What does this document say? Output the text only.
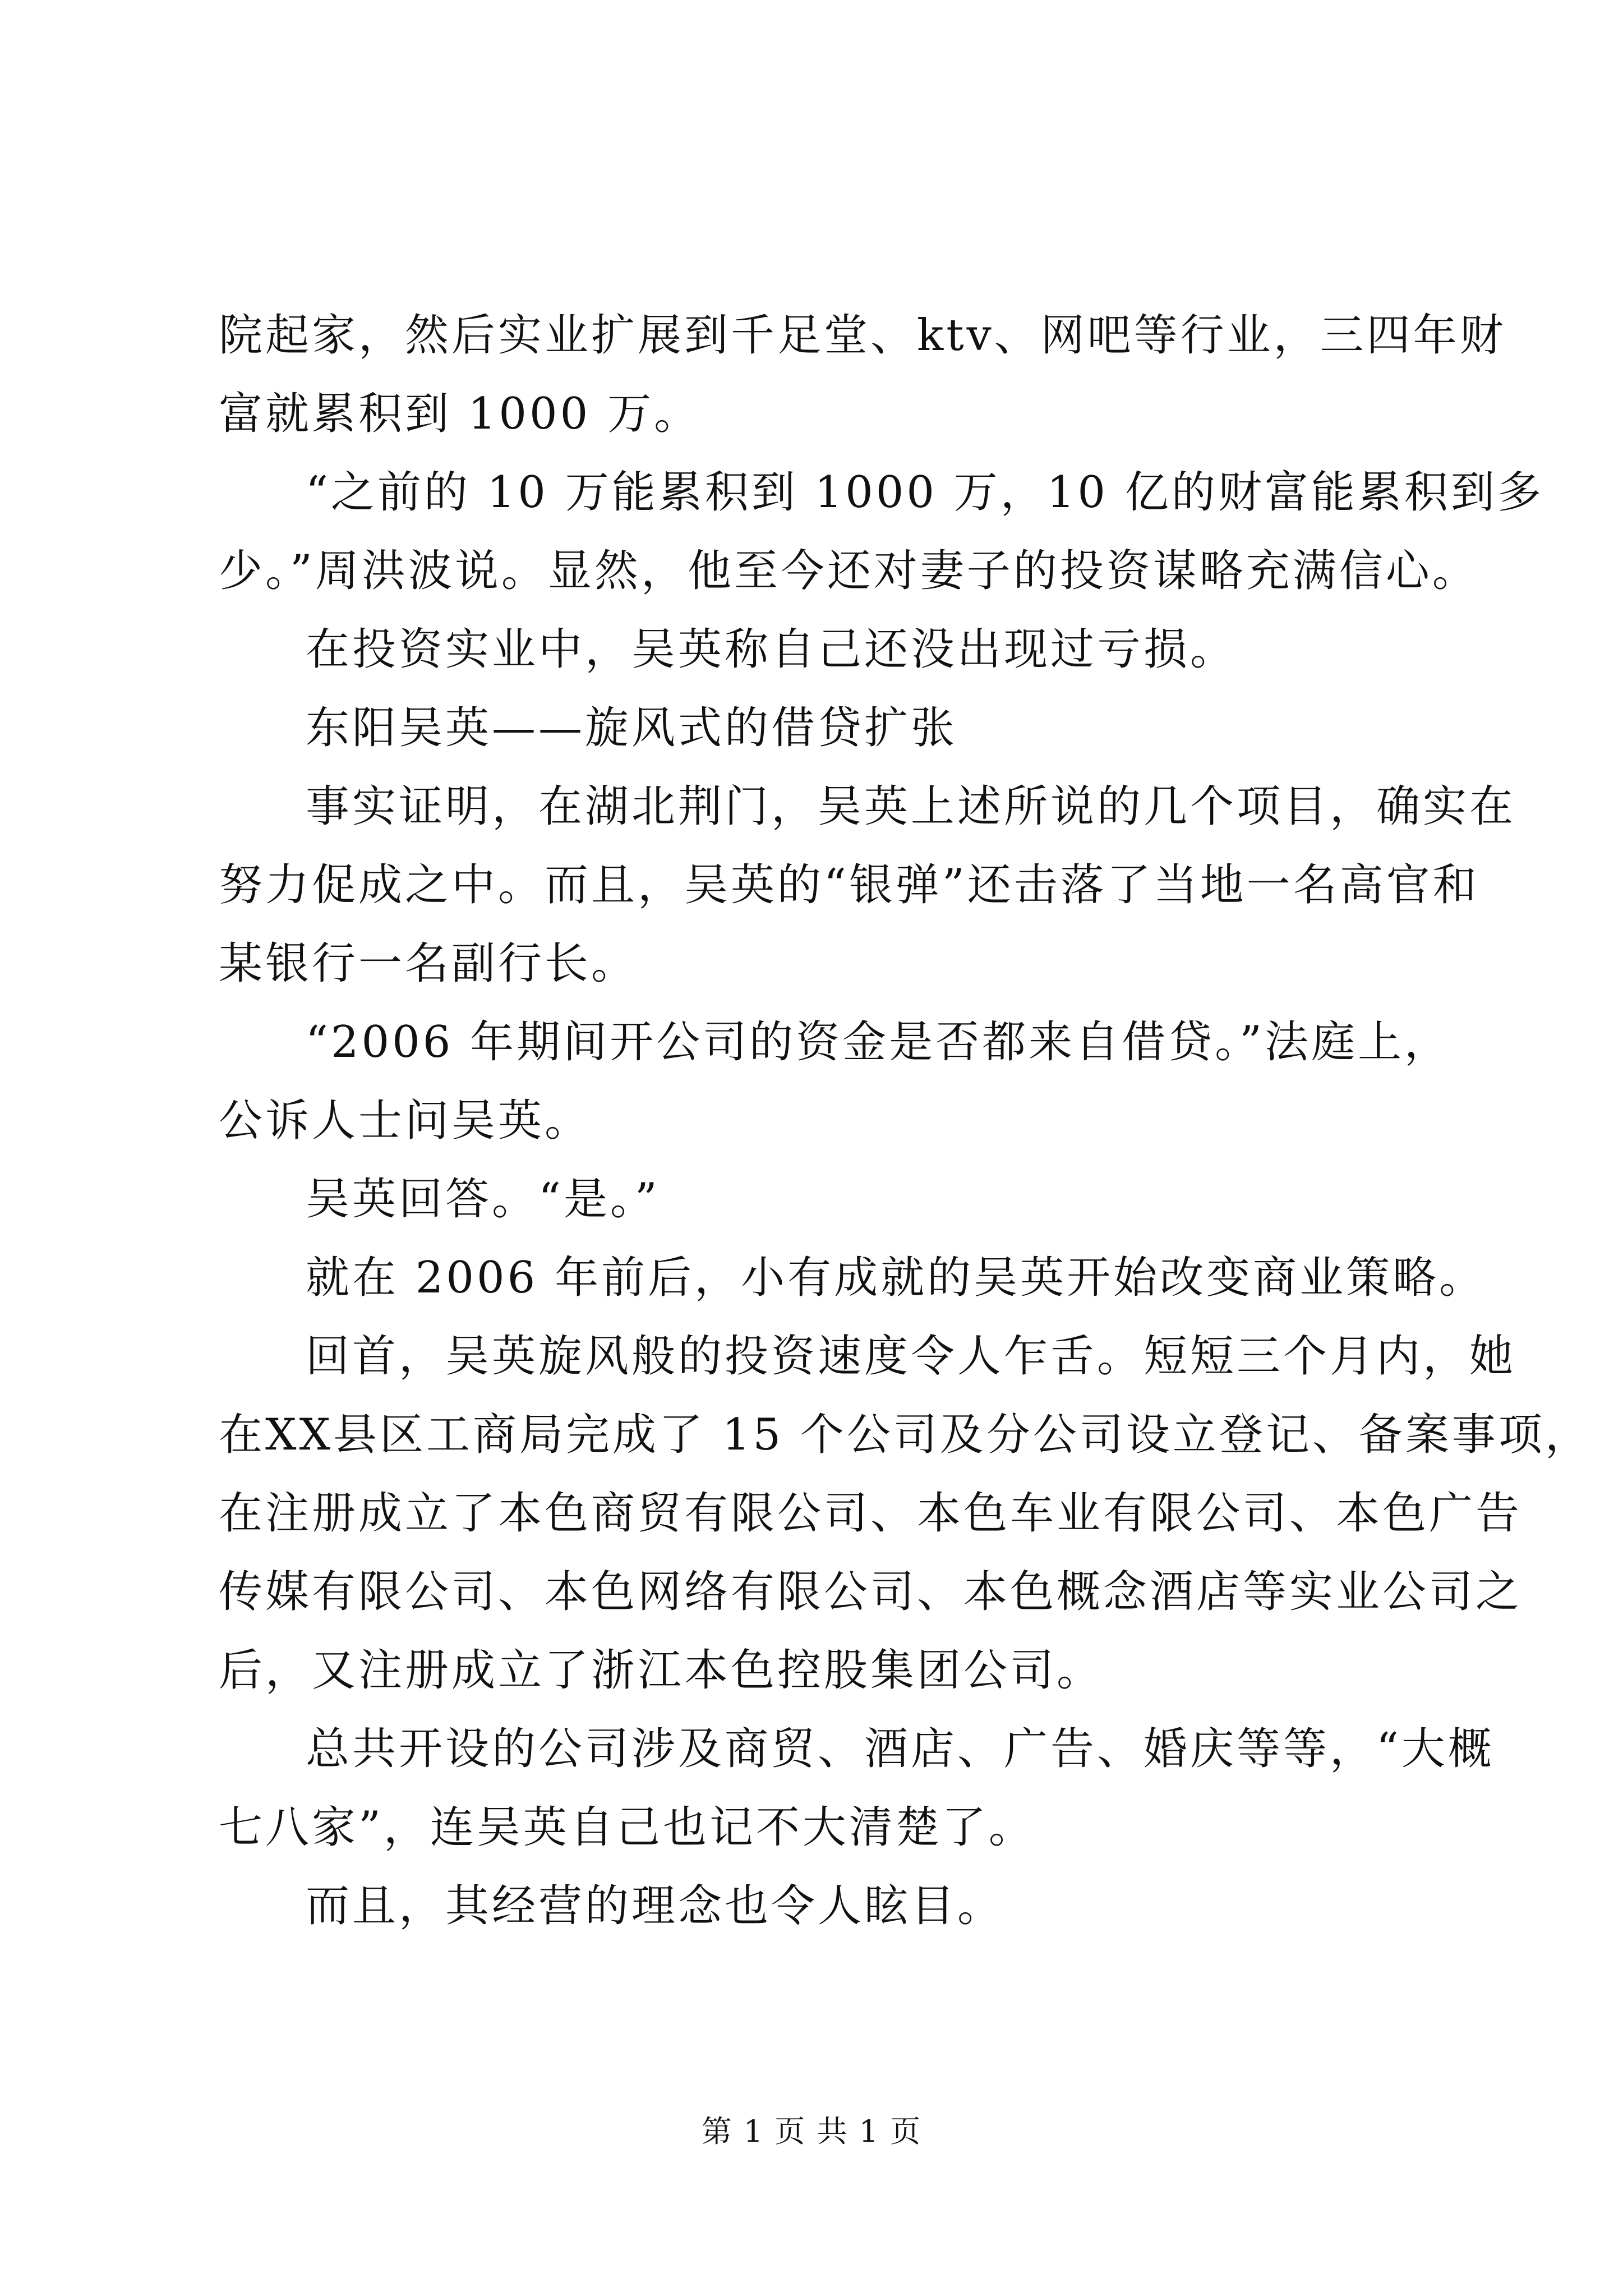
院起家，然后实业扩展到千足堂、ktv、网吧等行业，三四年财

富就累积到 1000 万。

“之前的 10 万能累积到 1000 万，10 亿的财富能累积到多

少。”周洪波说。显然，他至今还对妻子的投资谋略充满信心。

在投资实业中，吴英称自己还没出现过亏损。

东阳吴英——旋风式的借贷扩张

事实证明，在湖北荆门，吴英上述所说的几个项目，确实在

努力促成之中。而且，吴英的“银弹”还击落了当地一名高官和

某银行一名副行长。

“2006 年期间开公司的资金是否都来自借贷。”法庭上，

公诉人士问吴英。

吴英回答。“是。”

就在 2006 年前后，小有成就的吴英开始改变商业策略。

回首，吴英旋风般的投资速度令人乍舌。短短三个月内，她

在XX县区工商局完成了 15 个公司及分公司设立登记、备案事项，

在注册成立了本色商贸有限公司、本色车业有限公司、本色广告

传媒有限公司、本色网络有限公司、本色概念酒店等实业公司之

后，又注册成立了浙江本色控股集团公司。

总共开设的公司涉及商贸、酒店、广告、婚庆等等，“大概

七八家”，连吴英自己也记不大清楚了。

而且，其经营的理念也令人眩目。

第 1 页 共 1 页
